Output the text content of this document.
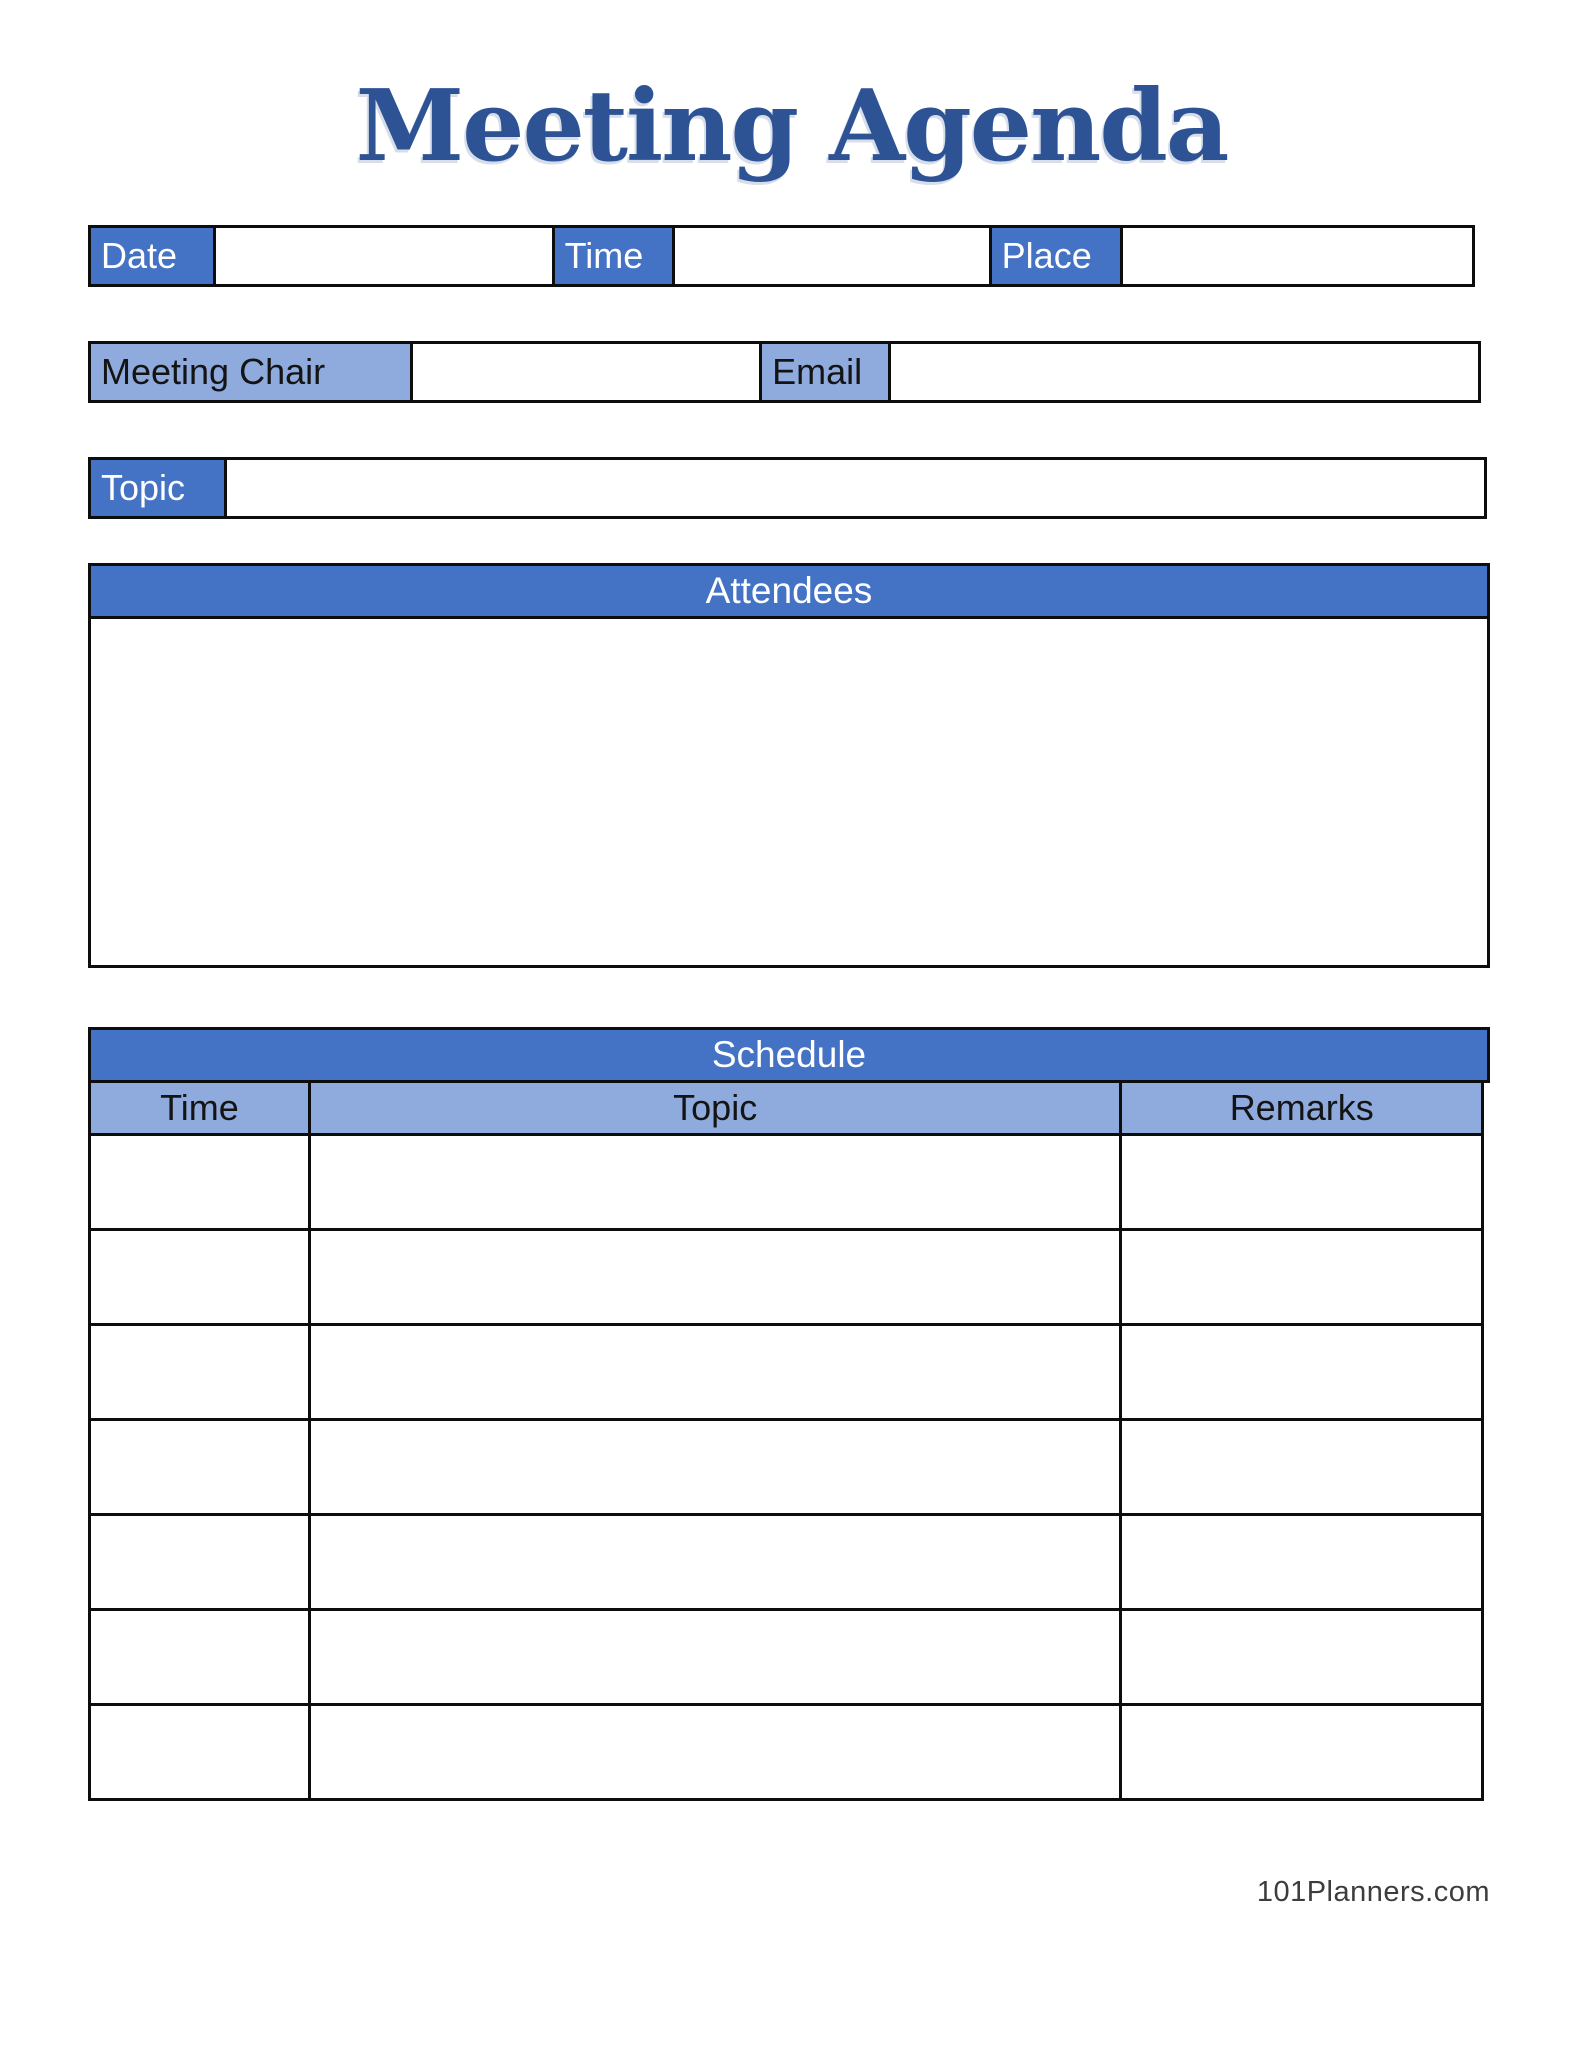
Meeting Agenda
Date	Time	Place
Meeting Chair	Email
Topic
Attendees
Schedule
Time	Topic	Remarks
101Planners.com
